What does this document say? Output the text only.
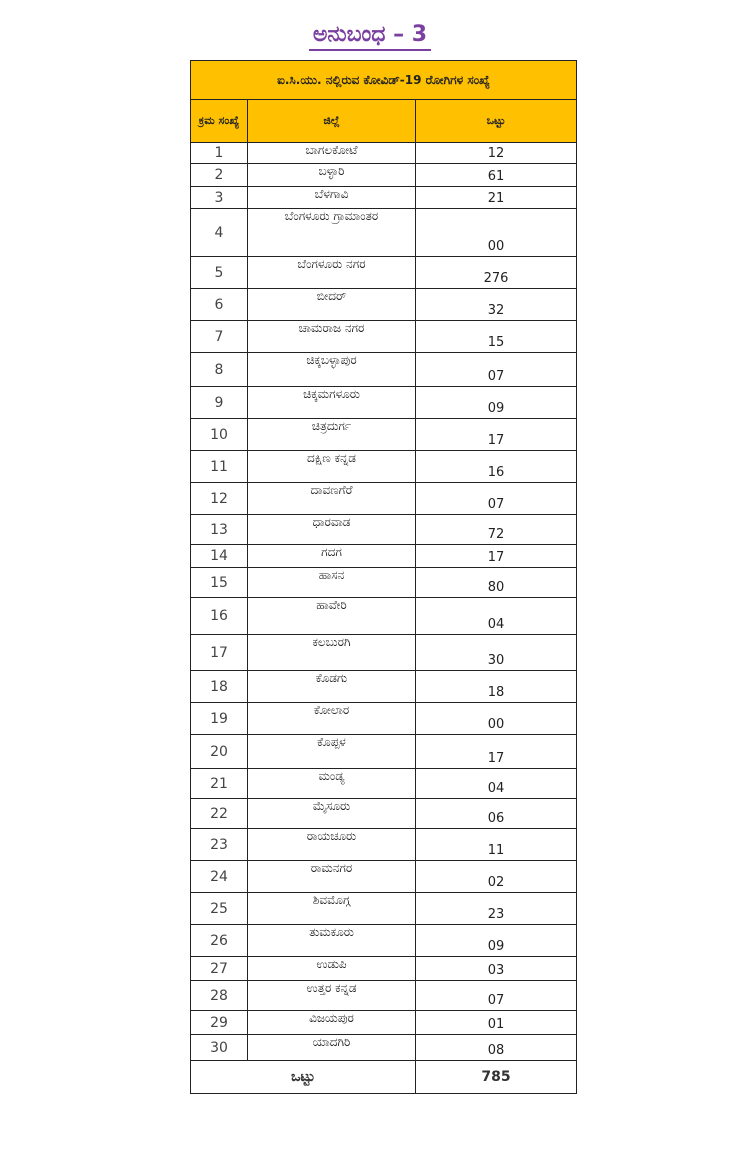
ಅನುಬಂಧ – 3
ಐ.ಸಿ.ಯು. ನಲ್ಲಿರುವ ಕೋವಿಡ್-19 ರೋಗಿಗಳ ಸಂಖ್ಯೆ		
ಕ್ರಮ ಸಂಖ್ಯೆ	ಜಿಲ್ಲೆ	ಒಟ್ಟು
1	ಬಾಗಲಕೋಟೆ	12
2	ಬಳ್ಳಾರಿ	61
3	ಬೆಳಗಾವಿ	21
4	ಬೆಂಗಳೂರು ಗ್ರಾಮಾಂತರ	00
5	ಬೆಂಗಳೂರು ನಗರ	276
6	ಬೀದರ್	32
7	ಚಾಮರಾಜ ನಗರ	15
8	ಚಿಕ್ಕಬಳ್ಳಾಪುರ	07
9	ಚಿಕ್ಕಮಗಳೂರು	09
10	ಚಿತ್ರದುರ್ಗ	17
11	ದಕ್ಷಿಣ ಕನ್ನಡ	16
12	ದಾವಣಗೆರೆ	07
13	ಧಾರವಾಡ	72
14	ಗದಗ	17
15	ಹಾಸನ	80
16	ಹಾವೇರಿ	04
17	ಕಲಬುರಗಿ	30
18	ಕೊಡಗು	18
19	ಕೋಲಾರ	00
20	ಕೊಪ್ಪಳ	17
21	ಮಂಡ್ಯ	04
22	ಮೈಸೂರು	06
23	ರಾಯಚೂರು	11
24	ರಾಮನಗರ	02
25	ಶಿವಮೊಗ್ಗ	23
26	ತುಮಕೂರು	09
27	ಉಡುಪಿ	03
28	ಉತ್ತರ ಕನ್ನಡ	07
29	ವಿಜಯಪುರ	01
30	ಯಾದಗಿರಿ	08
ಒಟ್ಟು		785
